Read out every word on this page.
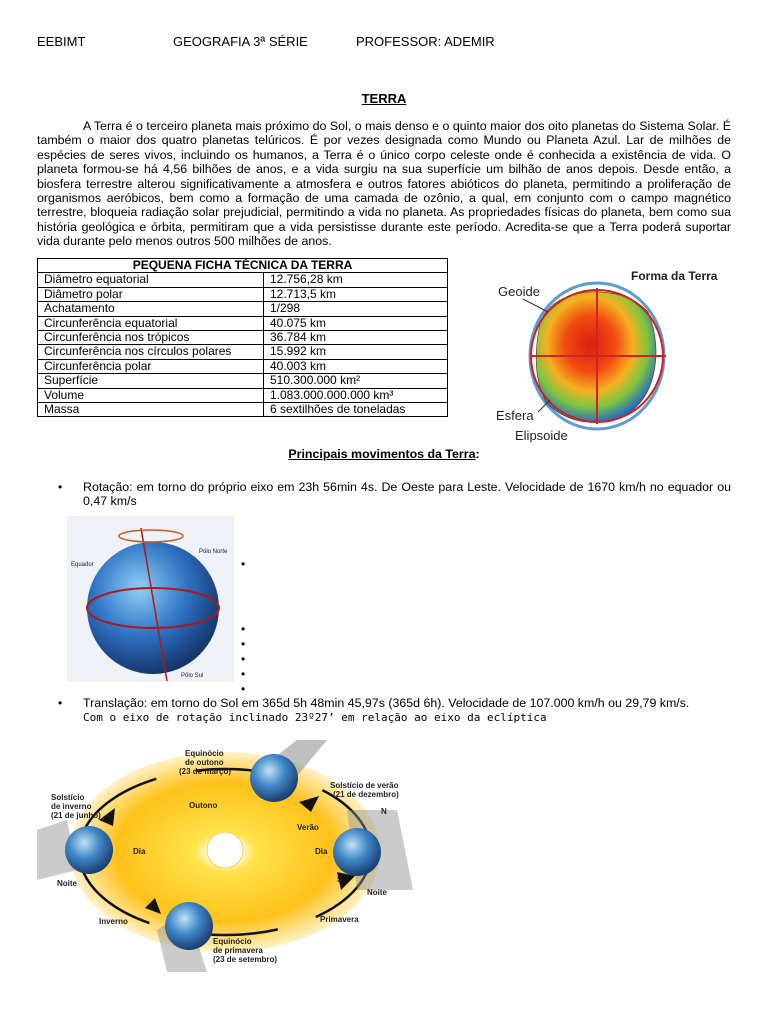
EEBIMT	GEOGRAFIA 3ª SÉRIE	PROFESSOR: ADEMIR
TERRA

A Terra é o terceiro planeta mais próximo do Sol, o mais denso e o quinto maior dos oito planetas do Sistema Solar. É também o maior dos quatro planetas telúricos. É por vezes designada como Mundo ou Planeta Azul. Lar de milhões de espécies de seres vivos, incluindo os humanos, a Terra é o único corpo celeste onde é conhecida a existência de vida. O planeta formou-se há 4,56 bilhões de anos, e a vida surgiu na sua superfície um bilhão de anos depois. Desde então, a biosfera terrestre alterou significativamente a atmosfera e outros fatores abióticos do planeta, permitindo a proliferação de organismos aeróbicos, bem como a formação de uma camada de ozônio, a qual, em conjunto com o campo magnético terrestre, bloqueia radiação solar prejudicial, permitindo a vida no planeta. As propriedades físicas do planeta, bem como sua história geológica e órbita, permitiram que a vida persistisse durante este período. Acredita-se que a Terra poderá suportar vida durante pelo menos outros 500 milhões de anos.

PEQUENA FICHA TÉCNICA DA TERRA	
Diâmetro equatorial	12.756,28 km
Diâmetro polar	12.713,5 km
Achatamento	1/298
Circunferência equatorial	40.075 km
Circunferência nos trópicos	36.784 km
Circunferência nos círculos polares	15.992 km
Circunferência polar	40.003 km
Superfície	510.300.000 km²
Volume	1.083.000.000.000 km³
Massa	6 sextilhões de toneladas
Forma da Terra
Geoide
Esfera
Elipsoide
Principais movimentos da Terra:
• Rotação: em torno do próprio eixo em 23h 56min 4s. De Oeste para Leste. Velocidade de 1670 km/h no equador ou 0,47 km/s

Pólo Norte
Equador
Pólo Sul
•
•
•
•
•
•
• Translação: em torno do Sol em 365d 5h 48min 45,97s (365d 6h). Velocidade de 107.000 km/h ou 29,79 km/s.

Com o eixo de rotação inclinado 23º27’ em relação ao eixo da eclíptica

Equinócio
de outono
(23 de março)
Solstício
de inverno
(21 de junho)
Solstício de verão
(21 de dezembro)
Equinócio
de primavera
(23 de setembro)
Outono
Verão
Inverno	Primavera
Dia	Dia
Noite
Noite
N
S
